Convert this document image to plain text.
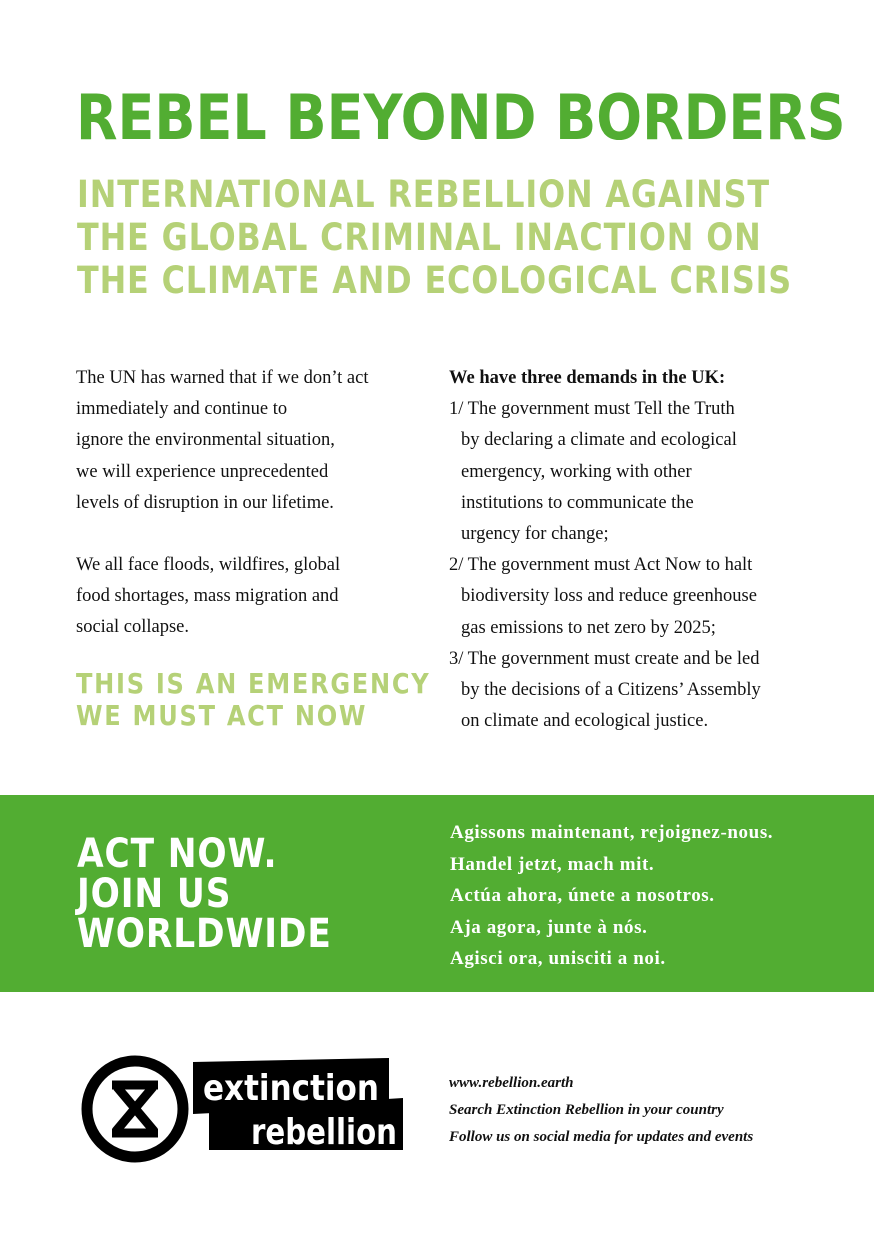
REBEL BEYOND BORDERS
INTERNATIONAL REBELLION AGAINST
THE GLOBAL CRIMINAL INACTION ON
THE CLIMATE AND ECOLOGICAL CRISIS
The UN has warned that if we don’t act
immediately and continue to
ignore the environmental situation,
we will experience unprecedented
levels of disruption in our lifetime.
We all face floods, wildfires, global
food shortages, mass migration and
social collapse.
THIS IS AN EMERGENCY
WE MUST ACT NOW
We have three demands in the UK:
1/ The government must Tell the Truth
by declaring a climate and ecological
emergency, working with other
institutions to communicate the
urgency for change;
2/ The government must Act Now to halt
biodiversity loss and reduce greenhouse
gas emissions to net zero by 2025;
3/ The government must create and be led
by the decisions of a Citizens’ Assembly
on climate and ecological justice.
ACT NOW.
JOIN US
WORLDWIDE
Agissons maintenant, rejoignez-nous.
Handel jetzt, mach mit.
Actúa ahora, únete a nosotros.
Aja agora, junte à nós.
Agisci ora, unisciti a noi.
extinction
rebellion
www.rebellion.earth
Search Extinction Rebellion in your country
Follow us on social media for updates and events
